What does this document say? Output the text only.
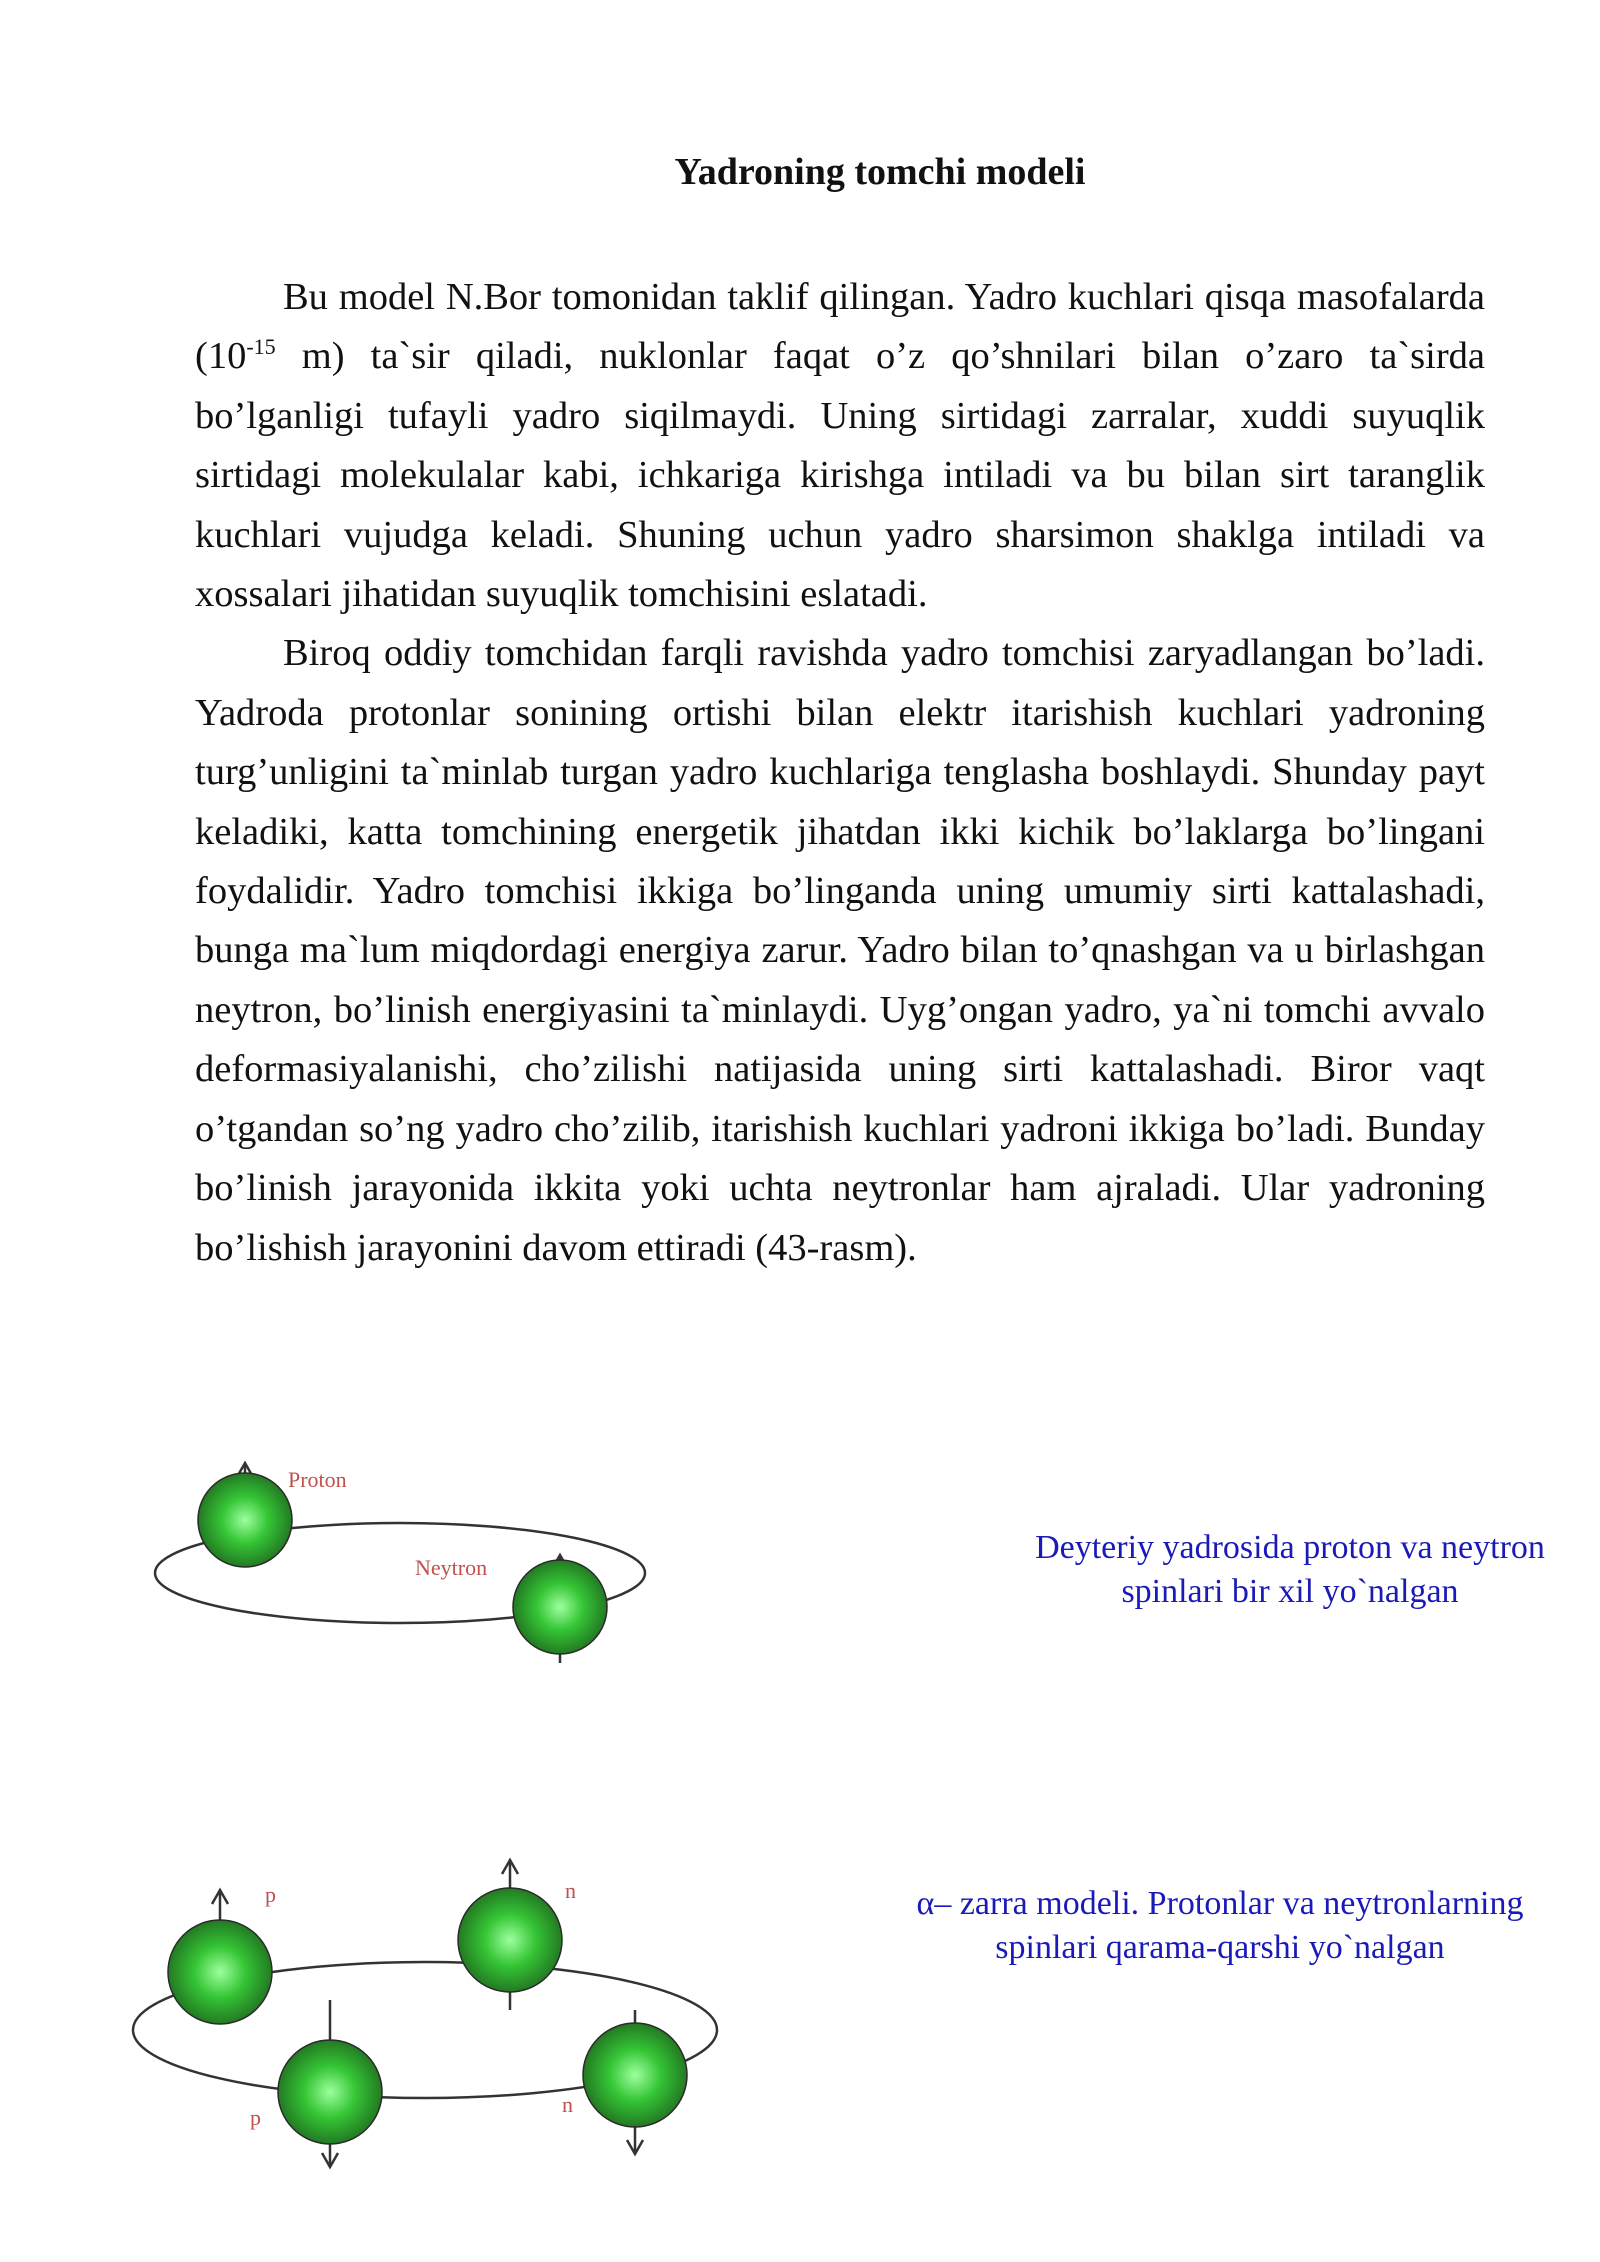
Yadroning tomchi modeli

Bu model N.Bor tomonidan taklif qilingan. Yadro kuchlari qisqa masofalarda ($10^{-15}$ m) ta`sir qiladi, nuklonlar faqat o’z qo’shnilari bilan o’zaro ta`sirda bo’lganligi tufayli yadro siqilmaydi. Uning sirtidagi zarralar, xuddi suyuqlik sirtidagi molekulalar kabi, ichkariga kirishga intiladi va bu bilan sirt taranglik kuchlari vujudga keladi. Shuning uchun yadro sharsimon shaklga intiladi va xossalari jihatidan suyuqlik tomchisini eslatadi.

Biroq oddiy tomchidan farqli ravishda yadro tomchisi zaryadlangan bo’ladi. Yadroda protonlar sonining ortishi bilan elektr itarishish kuchlari yadroning turg’unligini ta`minlab turgan yadro kuchlariga tenglasha boshlaydi. Shunday payt keladiki, katta tomchining energetik jihatdan ikki kichik bo’laklarga bo’lingani foydalidir. Yadro tomchisi ikkiga bo’linganda uning umumiy sirti kattalashadi, bunga ma`lum miqdordagi energiya zarur. Yadro bilan to’qnashgan va u birlashgan neytron, bo’linish energiyasini ta`minlaydi. Uyg’ongan yadro, ya`ni tomchi avvalo deformasiyalanishi, cho’zilishi natijasida uning sirti kattalashadi. Biror vaqt o’tgandan so’ng yadro cho’zilib, itarishish kuchlari yadroni ikkiga bo’ladi. Bunday bo’linish jarayonida ikkita yoki uchta neytronlar ham ajraladi. Ular yadroning bo’lishish jarayonini davom ettiradi (43-rasm).

Proton
Neytron
Deyteriy yadrosida proton va neytron
spinlari bir xil yo`nalgan
p	n
p
n
α– zarra modeli. Protonlar va neytronlarning
spinlari qarama-qarshi yo`nalgan
